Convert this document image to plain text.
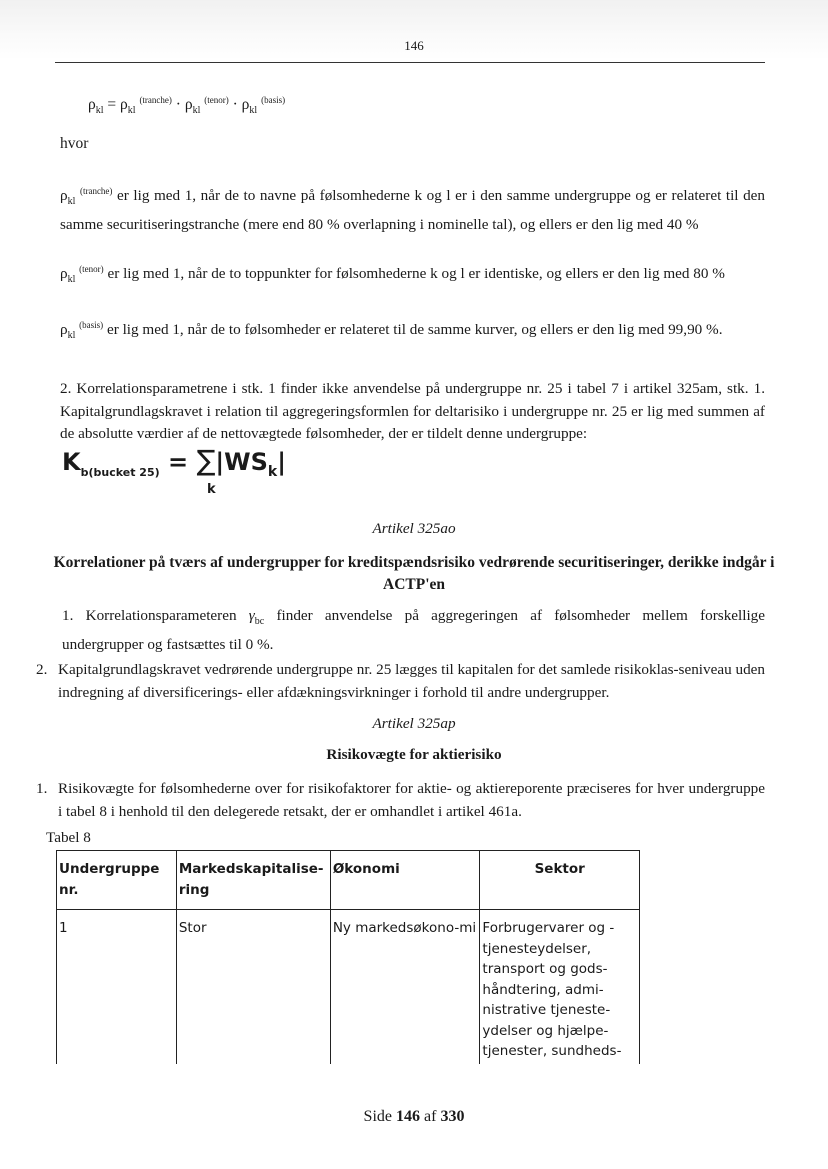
146
$\rho_{kl} = \rho_{kl}$ $^{(tranche)} \cdot \rho_{kl}$ $^{(tenor)} \cdot \rho_{kl}$ $^{(basis)}$
hvor
$\rho_{kl}$ $^{(tranche)}$ er lig med 1, når de to navne på følsomhederne k og l er i den samme undergruppe og er relateret til den samme securitiseringstranche (mere end 80 % overlapning i nominelle tal), og ellers er den lig med 40 %
$\rho_{kl}$ $^{(tenor)}$ er lig med 1, når de to toppunkter for følsomhederne k og l er identiske, og ellers er den lig med 80 %
$\rho_{kl}$ $^{(basis)}$ er lig med 1, når de to følsomheder er relateret til de samme kurver, og ellers er den lig med 99,90 %.
2. Korrelationsparametrene i stk. 1 finder ikke anvendelse på undergruppe nr. 25 i tabel 7 i artikel 325am, stk. 1. Kapitalgrundlagskravet i relation til aggregeringsformlen for deltarisiko i undergruppe nr. 25 er lig med summen af de absolutte værdier af de nettovægtede følsomheder, der er tildelt denne undergruppe:
$K_{b(bucket 25)} = \sum|WS_k|$
k
Artikel 325ao
Korrelationer på tværs af undergrupper for kreditspændsrisiko vedrørende securitiseringer, derikke indgår i ACTP'en
1. Korrelationsparameteren $\gamma_{bc}$ finder anvendelse på aggregeringen af følsomheder mellem forskellige undergrupper og fastsættes til 0 %.
2. Kapitalgrundlagskravet vedrørende undergruppe nr. 25 lægges til kapitalen for det samlede risikoklas-seniveau uden indregning af diversificerings- eller afdækningsvirkninger i forhold til andre undergrupper.
Artikel 325ap
Risikovægte for aktierisiko
1. Risikovægte for følsomhederne over for risikofaktorer for aktie- og aktiereporente præciseres for hver undergruppe i tabel 8 i henhold til den delegerede retsakt, der er omhandlet i artikel 461a.
Tabel 8
Undergruppe nr.	Markedskapitalise-ring	Økonomi	Sektor
1	Stor	Ny markedsøkono-mi	Forbrugervarer og -tjenesteydelser, transport og gods-håndtering, admi-nistrative tjeneste-ydelser og hjælpe-tjenester, sundheds-
Side 146 af 330
